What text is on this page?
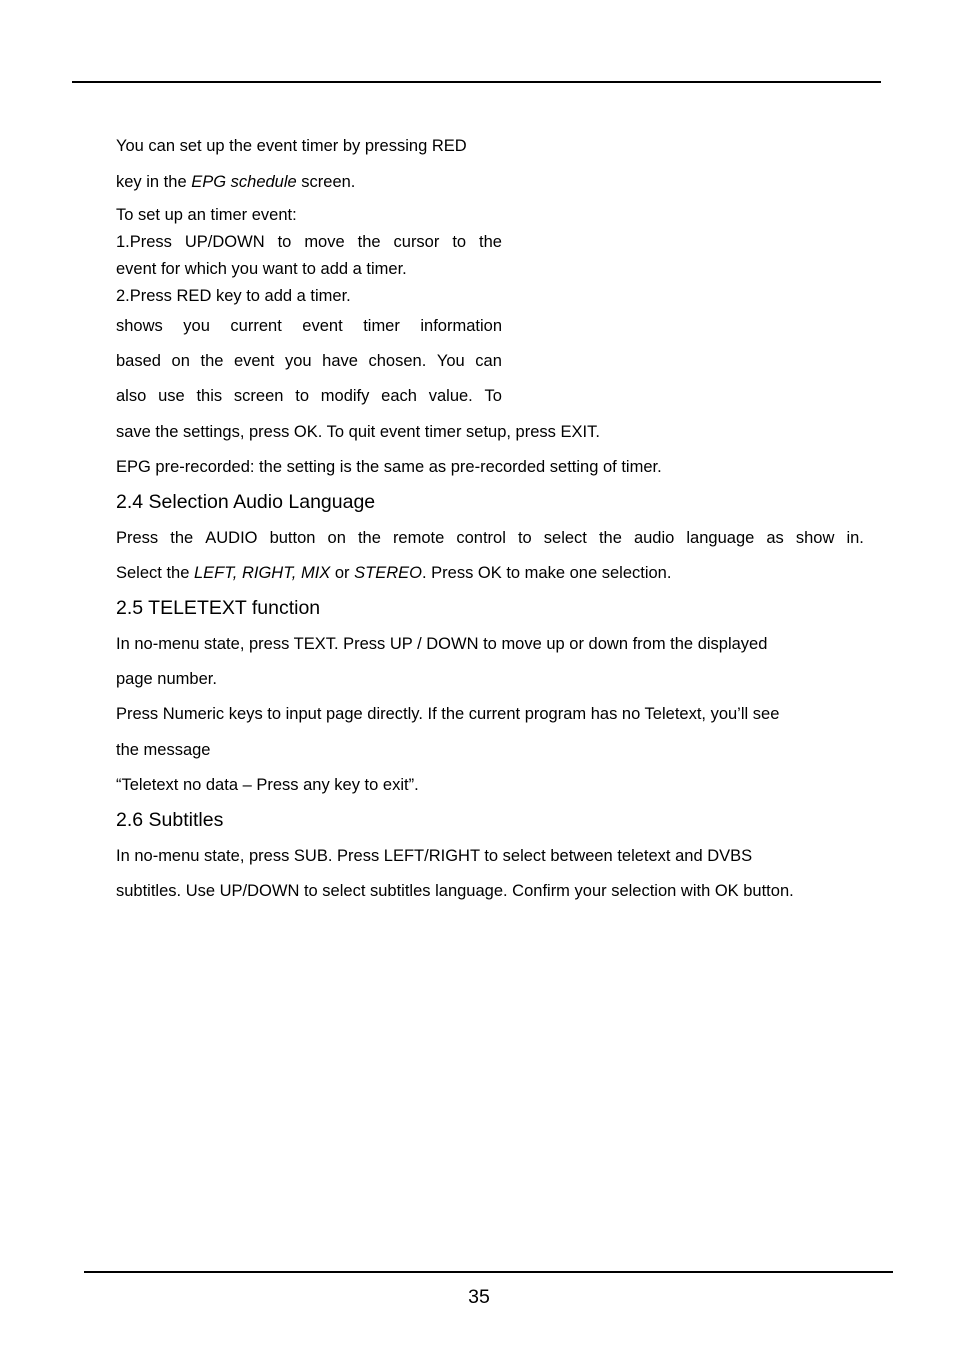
You can set up the event timer by pressing RED
key in the EPG schedule screen.
To set up an timer event:
1.Press UP/DOWN to move the cursor to the
event for which you want to add a timer.
2.Press RED key to add a timer.
shows you current event timer information
based on the event you have chosen. You can
also use this screen to modify each value. To
save the settings, press OK. To quit event timer setup, press EXIT.
EPG pre-recorded: the setting is the same as pre-recorded setting of timer.
2.4 Selection Audio Language
Press the AUDIO button on the remote control to select the audio language as show in.
Select the LEFT, RIGHT, MIX or STEREO. Press OK to make one selection.
2.5 TELETEXT function
In no-menu state, press TEXT. Press UP / DOWN to move up or down from the displayed
page number.
Press Numeric keys to input page directly. If the current program has no Teletext, you’ll see
the message
“Teletext no data – Press any key to exit”.
2.6 Subtitles
In no-menu state, press SUB. Press LEFT/RIGHT to select between teletext and DVBS
subtitles. Use UP/DOWN to select subtitles language. Confirm your selection with OK button.
35
